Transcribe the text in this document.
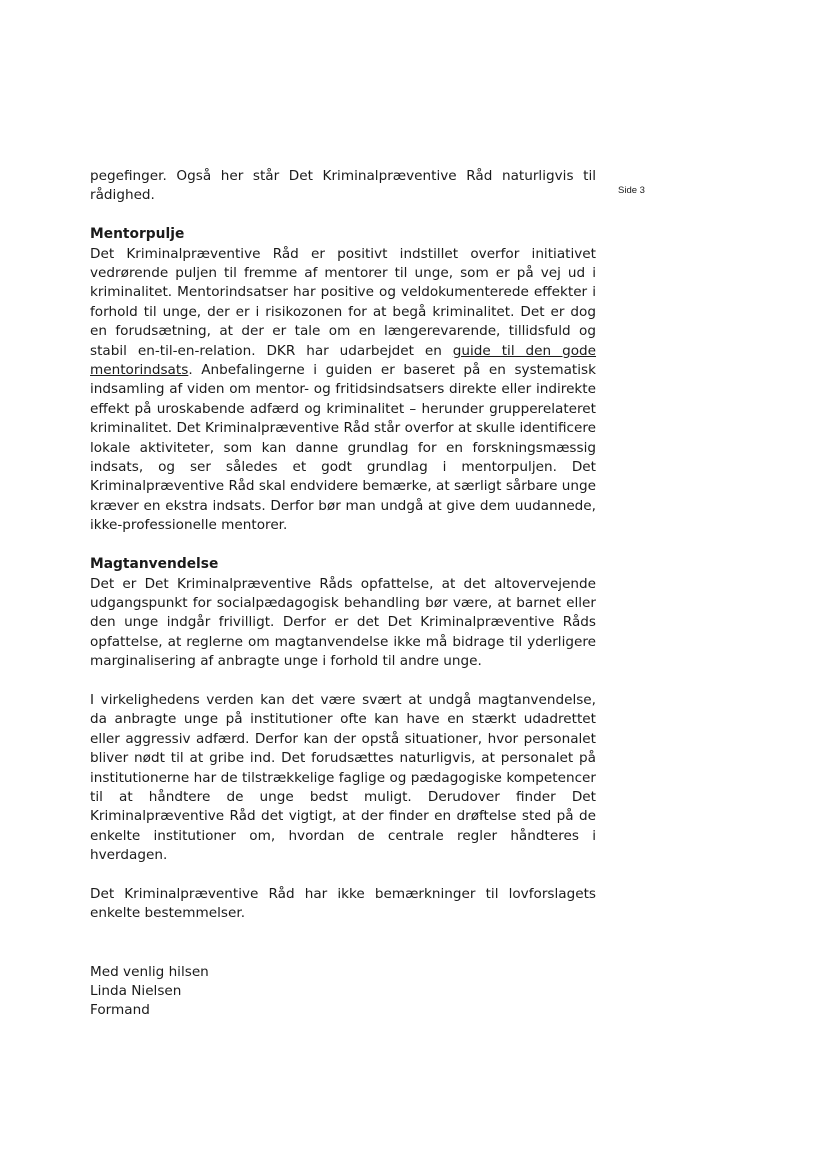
Side 3

pegefinger. Også her står Det Kriminalpræventive Råd naturligvis til rådighed.

Mentorpulje

Det Kriminalpræventive Råd er positivt indstillet overfor initiativet vedrørende puljen til fremme af mentorer til unge, som er på vej ud i kriminalitet. Mentorindsatser har positive og veldokumenterede effekter i forhold til unge, der er i risikozonen for at begå kriminalitet. Det er dog en forudsætning, at der er tale om en længerevarende, tillidsfuld og stabil en-til-en-relation. DKR har udarbejdet en guide til den gode mentorindsats. Anbefalingerne i guiden er baseret på en systematisk indsamling af viden om mentor- og fritidsindsatsers direkte eller indirekte effekt på uroskabende adfærd og kriminalitet – herunder grupperelateret kriminalitet. Det Kriminalpræventive Råd står overfor at skulle identificere lokale aktiviteter, som kan danne grundlag for en forskningsmæssig indsats, og ser således et godt grundlag i mentorpuljen. Det Kriminalpræventive Råd skal endvidere bemærke, at særligt sårbare unge kræver en ekstra indsats. Derfor bør man undgå at give dem uudannede, ikke-professionelle mentorer.

Magtanvendelse

Det er Det Kriminalpræventive Råds opfattelse, at det altovervejende udgangspunkt for socialpædagogisk behandling bør være, at barnet eller den unge indgår frivilligt. Derfor er det Det Kriminalpræventive Råds opfattelse, at reglerne om magtanvendelse ikke må bidrage til yderligere marginalisering af anbragte unge i forhold til andre unge.

I virkelighedens verden kan det være svært at undgå magtanvendelse, da anbragte unge på institutioner ofte kan have en stærkt udadrettet eller aggressiv adfærd. Derfor kan der opstå situationer, hvor personalet bliver nødt til at gribe ind. Det forudsættes naturligvis, at personalet på institutionerne har de tilstrækkelige faglige og pædagogiske kompetencer til at håndtere de unge bedst muligt. Derudover finder Det Kriminalpræventive Råd det vigtigt, at der finder en drøftelse sted på de enkelte institutioner om, hvordan de centrale regler håndteres i hverdagen.

Det Kriminalpræventive Råd har ikke bemærkninger til lovforslagets enkelte bestemmelser.

Med venlig hilsen

Linda Nielsen

Formand
